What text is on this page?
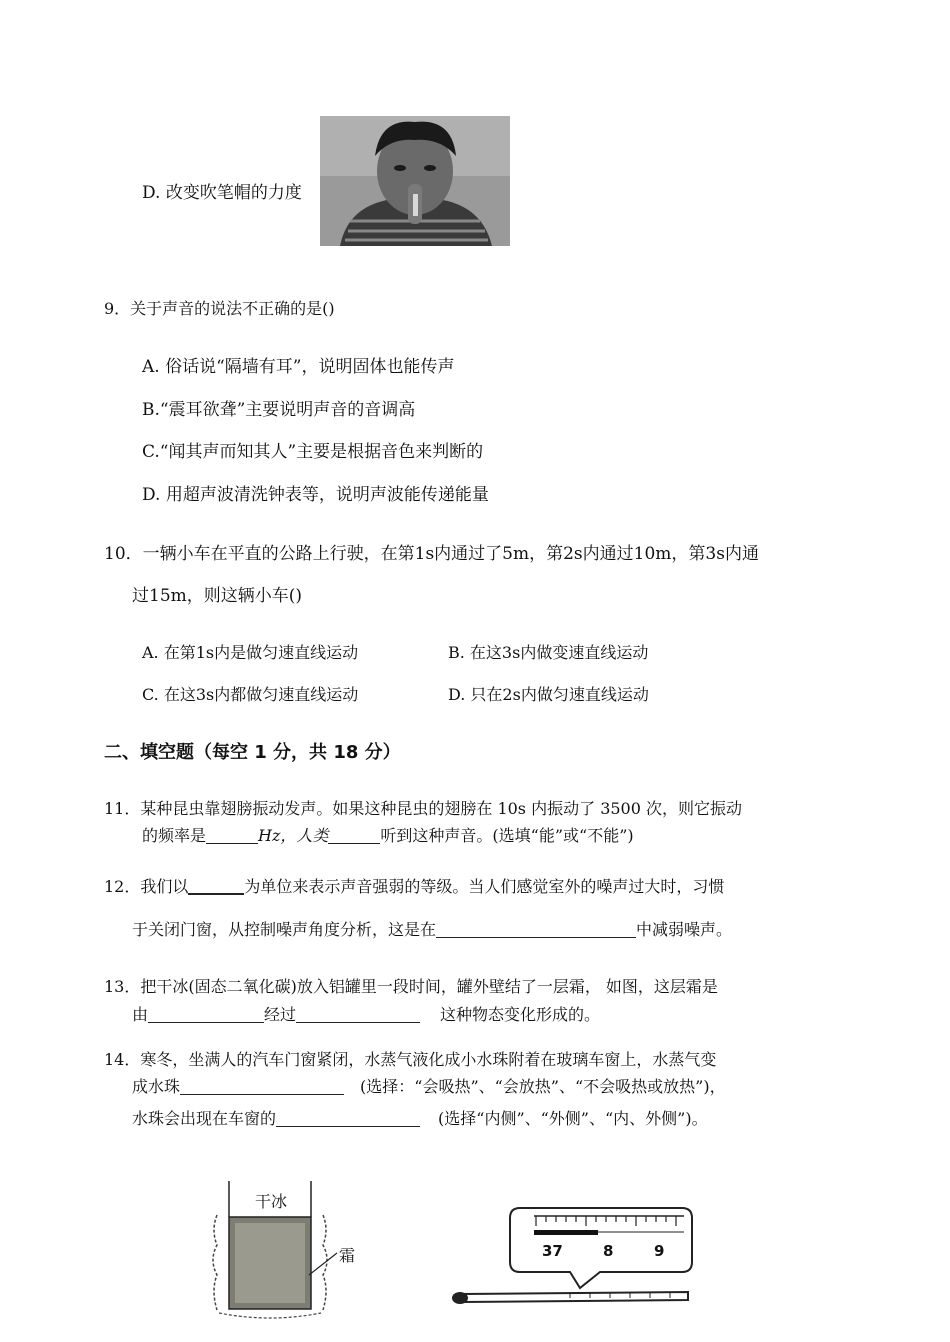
D. 改变吹笔帽的力度
9．关于声音的说法不正确的是()
A. 俗话说“隔墙有耳”，说明固体也能传声
B.“震耳欲聋”主要说明声音的音调高
C.“闻其声而知其人”主要是根据音色来判断的
D. 用超声波清洗钟表等，说明声波能传递能量
10．一辆小车在平直的公路上行驶，在第1s内通过了5m，第2s内通过10m，第3s内通
过15m，则这辆小车()
A. 在第1s内是做匀速直线运动	B. 在这3s内做变速直线运动
C. 在这3s内都做匀速直线运动	D. 只在2s内做匀速直线运动
二、填空题（每空 1 分，共 18 分）
11．某种昆虫靠翅膀振动发声。如果这种昆虫的翅膀在 10s 内振动了 3500 次，则它振动
的频率是	Hz，人类	听到这种声音。(选填“能”或“不能”)
12．我们以	为单位来表示声音强弱的等级。当人们感觉室外的噪声过大时，习惯
于关闭门窗，从控制噪声角度分析，这是在	中减弱噪声。
13．把干冰(固态二氧化碳)放入铝罐里一段时间，罐外壁结了一层霜， 如图，这层霜是
由	经过	这种物态变化形成的。
14．寒冬，坐满人的汽车门窗紧闭，水蒸气液化成小水珠附着在玻璃车窗上，水蒸气变
成水珠	(选择：“会吸热”、“会放热”、“不会吸热或放热”)，
水珠会出现在车窗的	(选择“内侧”、“外侧”、“内、外侧”)。
干冰
霜	37	8	9
